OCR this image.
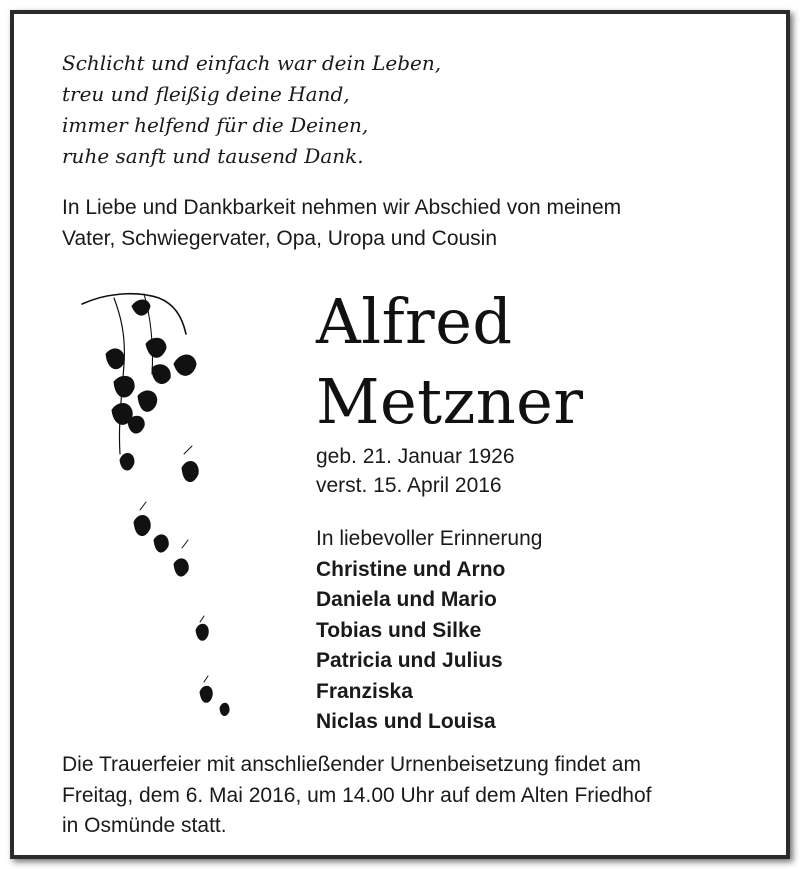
Schlicht und einfach war dein Leben,
treu und fleißig deine Hand,
immer helfend für die Deinen,
ruhe sanft und tausend Dank.
In Liebe und Dankbarkeit nehmen wir Abschied von meinem
Vater, Schwiegervater, Opa, Uropa und Cousin
Alfred
Metzner
geb. 21. Januar 1926
verst. 15. April 2016
In liebevoller Erinnerung
Christine und Arno
Daniela und Mario
Tobias und Silke
Patricia und Julius
Franziska
Niclas und Louisa
Die Trauerfeier mit anschließender Urnenbeisetzung findet am
Freitag, dem 6. Mai 2016, um 14.00 Uhr auf dem Alten Friedhof
in Osmünde statt.
